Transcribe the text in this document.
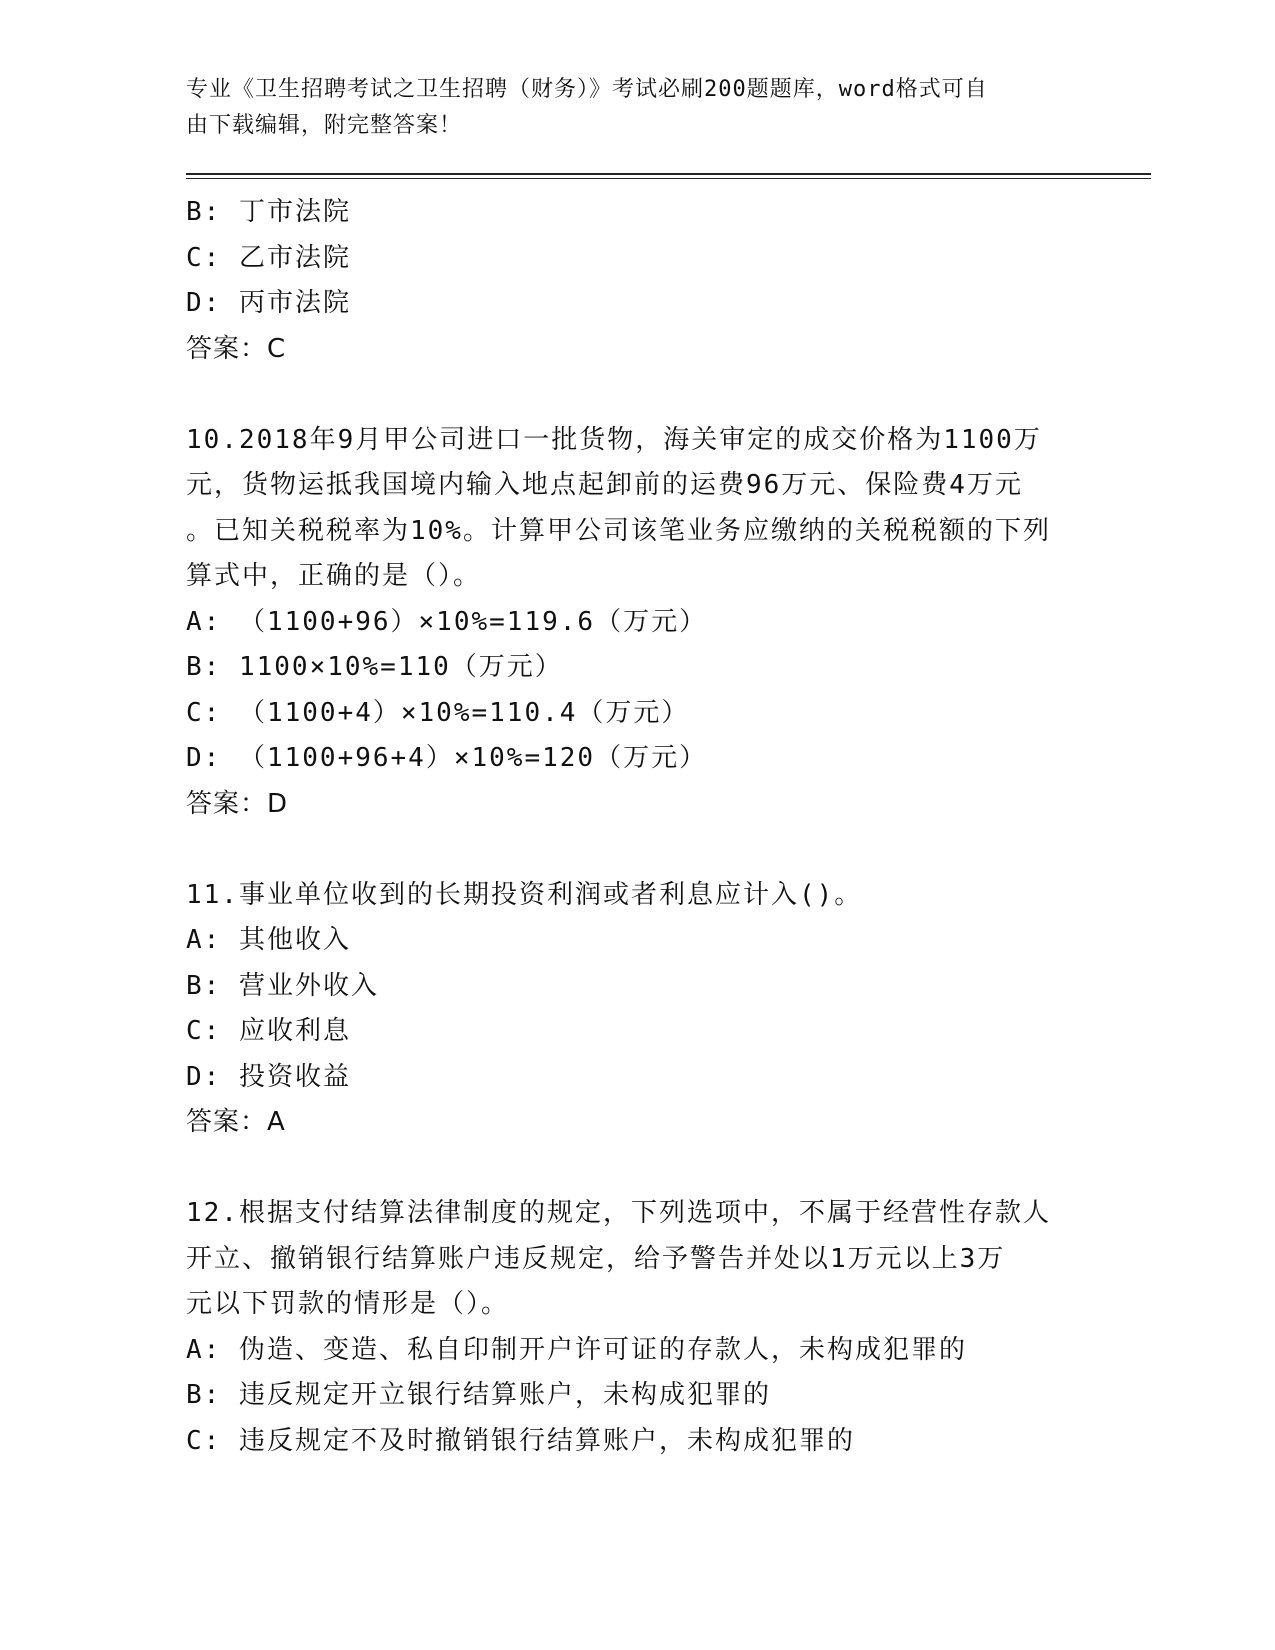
专业《卫生招聘考试之卫生招聘（财务）》考试必刷200题题库，word格式可自
由下载编辑，附完整答案！
B: 丁市法院
C: 乙市法院
D: 丙市法院
答案：C
10.2018年9月甲公司进口一批货物，海关审定的成交价格为1100万
元，货物运抵我国境内输入地点起卸前的运费96万元、保险费4万元
。已知关税税率为10%。计算甲公司该笔业务应缴纳的关税税额的下列
算式中，正确的是（）。
A: （1100+96）×10%=119.6（万元）
B: 1100×10%=110（万元）
C: （1100+4）×10%=110.4（万元）
D: （1100+96+4）×10%=120（万元）
答案：D
11.事业单位收到的长期投资利润或者利息应计入()。
A: 其他收入
B: 营业外收入
C: 应收利息
D: 投资收益
答案：A
12.根据支付结算法律制度的规定，下列选项中，不属于经营性存款人
开立、撤销银行结算账户违反规定，给予警告并处以1万元以上3万
元以下罚款的情形是（）。
A: 伪造、变造、私自印制开户许可证的存款人，未构成犯罪的
B: 违反规定开立银行结算账户，未构成犯罪的
C: 违反规定不及时撤销银行结算账户，未构成犯罪的
